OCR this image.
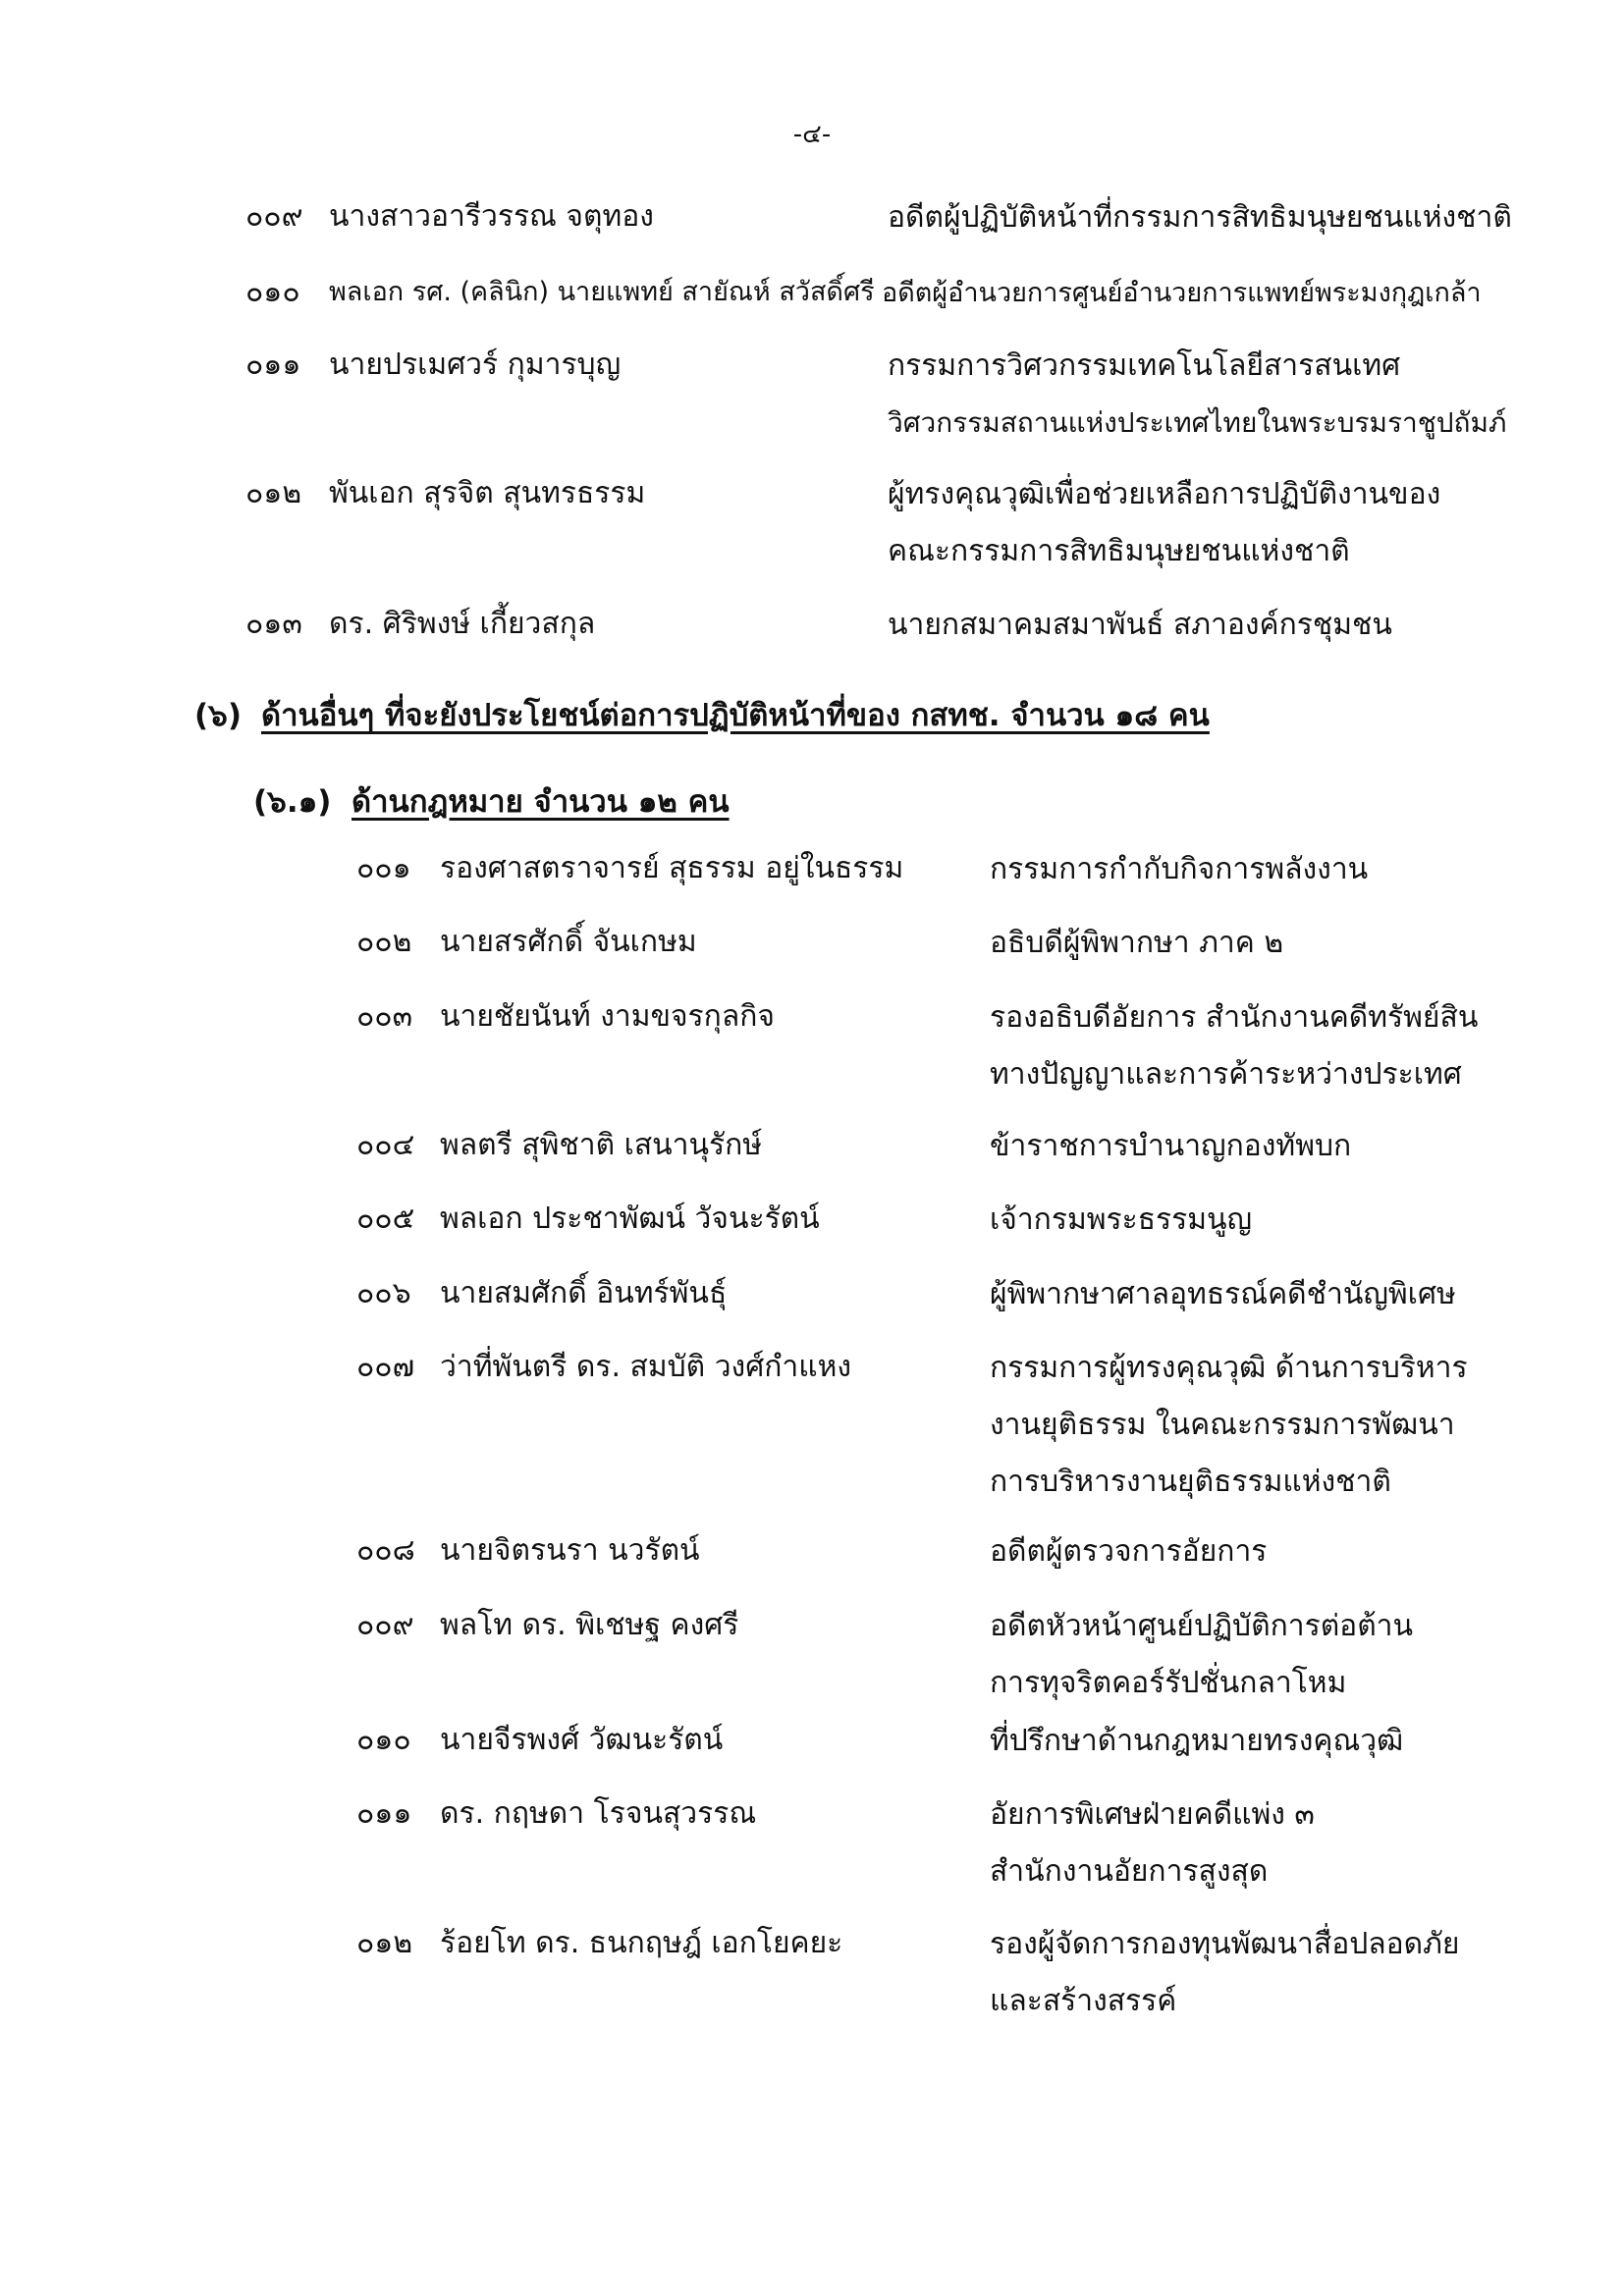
-๔-
๐๐๙ นางสาวอารีวรรณ จตุทอง	อดีตผู้ปฏิบัติหน้าที่กรรมการสิทธิมนุษยชนแห่งชาติ
๐๑๐ พลเอก รศ. (คลินิก) นายแพทย์ สายัณห์ สวัสดิ์ศรี อดีตผู้อำนวยการศูนย์อำนวยการแพทย์พระมงกุฎเกล้า
๐๑๑ นายปรเมศวร์ กุมารบุญ	กรรมการวิศวกรรมเทคโนโลยีสารสนเทศ
วิศวกรรมสถานแห่งประเทศไทยในพระบรมราชูปถัมภ์
๐๑๒ พันเอก สุรจิต สุนทรธรรม	ผู้ทรงคุณวุฒิเพื่อช่วยเหลือการปฏิบัติงานของ
คณะกรรมการสิทธิมนุษยชนแห่งชาติ
๐๑๓ ดร. ศิริพงษ์ เกี้ยวสกุล	นายกสมาคมสมาพันธ์ สภาองค์กรชุมชน
(๖) ด้านอื่นๆ ที่จะยังประโยชน์ต่อการปฏิบัติหน้าที่ของ กสทช. จำนวน ๑๘ คน
(๖.๑) ด้านกฎหมาย จำนวน ๑๒ คน
๐๐๑ รองศาสตราจารย์ สุธรรม อยู่ในธรรม	กรรมการกำกับกิจการพลังงาน
๐๐๒ นายสรศักดิ์ จันเกษม	อธิบดีผู้พิพากษา ภาค ๒
๐๐๓ นายชัยนันท์ งามขจรกุลกิจ	รองอธิบดีอัยการ สำนักงานคดีทรัพย์สิน
ทางปัญญาและการค้าระหว่างประเทศ
๐๐๔ พลตรี สุพิชาติ เสนานุรักษ์	ข้าราชการบำนาญกองทัพบก
๐๐๕ พลเอก ประชาพัฒน์ วัจนะรัตน์	เจ้ากรมพระธรรมนูญ
๐๐๖ นายสมศักดิ์ อินทร์พันธุ์	ผู้พิพากษาศาลอุทธรณ์คดีชำนัญพิเศษ
๐๐๗ ว่าที่พันตรี ดร. สมบัติ วงศ์กำแหง	กรรมการผู้ทรงคุณวุฒิ ด้านการบริหาร
งานยุติธรรม ในคณะกรรมการพัฒนา
การบริหารงานยุติธรรมแห่งชาติ
๐๐๘ นายจิตรนรา นวรัตน์	อดีตผู้ตรวจการอัยการ
๐๐๙ พลโท ดร. พิเชษฐ คงศรี	อดีตหัวหน้าศูนย์ปฏิบัติการต่อต้าน
การทุจริตคอร์รัปชั่นกลาโหม
๐๑๐ นายจีรพงศ์ วัฒนะรัตน์	ที่ปรึกษาด้านกฎหมายทรงคุณวุฒิ
๐๑๑ ดร. กฤษดา โรจนสุวรรณ	อัยการพิเศษฝ่ายคดีแพ่ง ๓
สำนักงานอัยการสูงสุด
๐๑๒ ร้อยโท ดร. ธนกฤษฎ์ เอกโยคยะ	รองผู้จัดการกองทุนพัฒนาสื่อปลอดภัย
และสร้างสรรค์
